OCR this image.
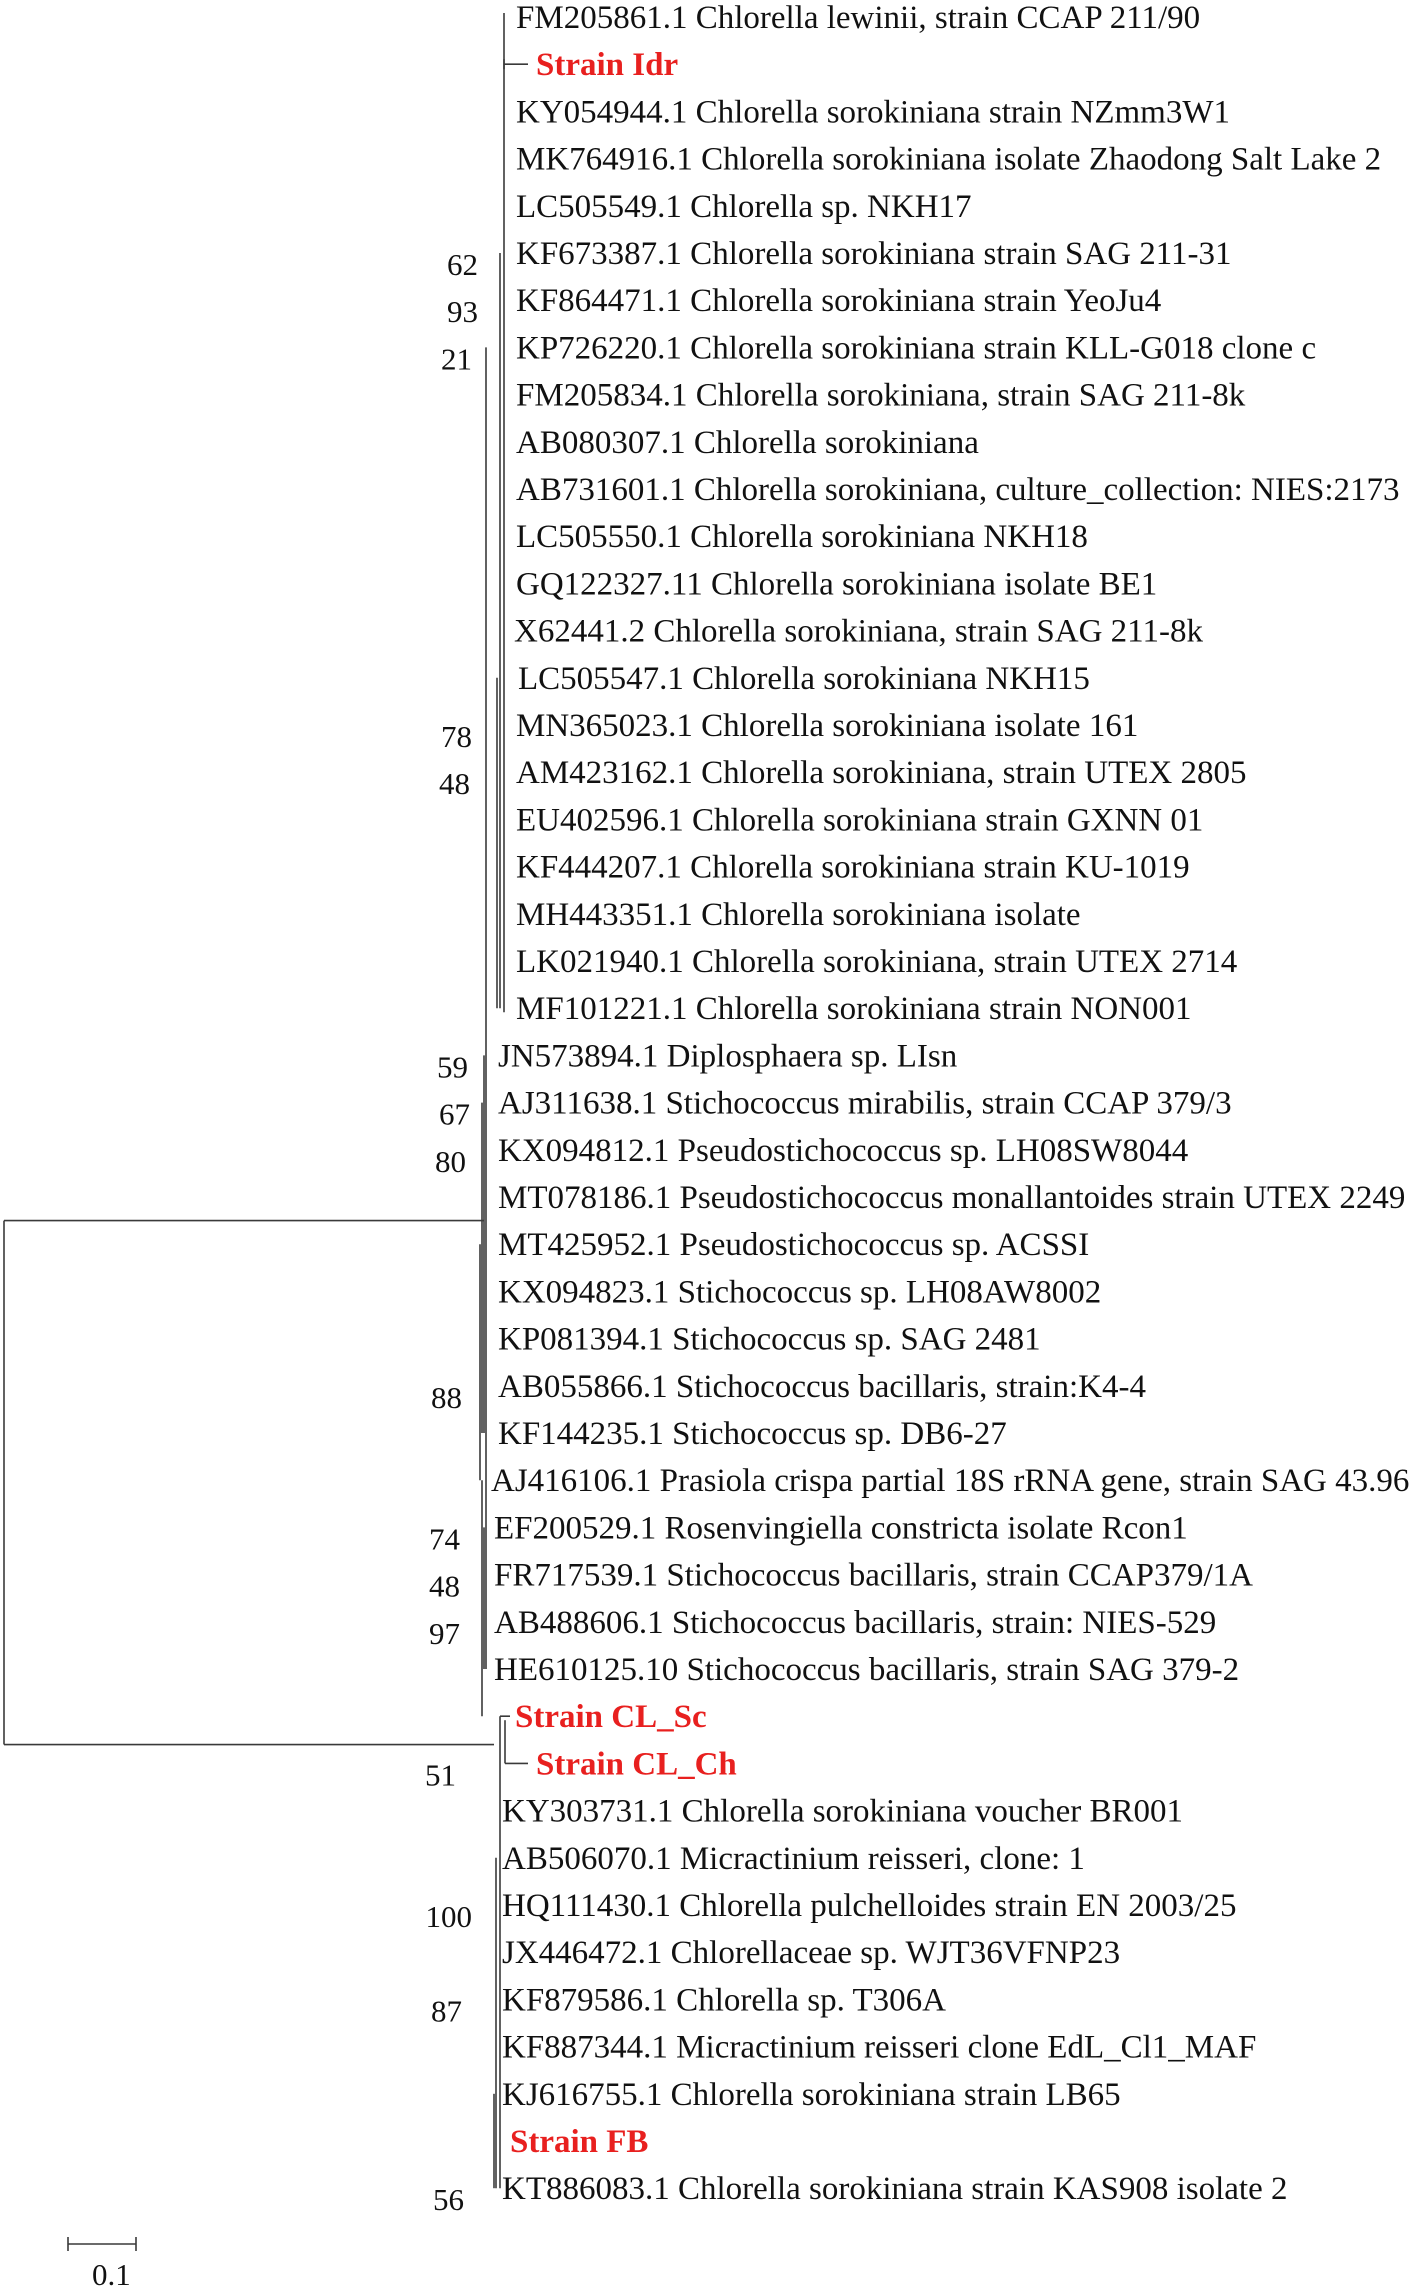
FM205861.1 Chlorella lewinii, strain CCAP 211/90
Strain Idr
KY054944.1 Chlorella sorokiniana strain NZmm3W1
MK764916.1 Chlorella sorokiniana isolate Zhaodong Salt Lake 2
LC505549.1 Chlorella sp. NKH17
KF673387.1 Chlorella sorokiniana strain SAG 211-31
KF864471.1 Chlorella sorokiniana strain YeoJu4
KP726220.1 Chlorella sorokiniana strain KLL-G018 clone c
FM205834.1 Chlorella sorokiniana, strain SAG 211-8k
AB080307.1 Chlorella sorokiniana
AB731601.1 Chlorella sorokiniana, culture_collection: NIES:2173
LC505550.1 Chlorella sorokiniana NKH18
GQ122327.11 Chlorella sorokiniana isolate BE1
X62441.2 Chlorella sorokiniana, strain SAG 211-8k
LC505547.1 Chlorella sorokiniana NKH15
MN365023.1 Chlorella sorokiniana isolate 161
AM423162.1 Chlorella sorokiniana, strain UTEX 2805
EU402596.1 Chlorella sorokiniana strain GXNN 01
KF444207.1 Chlorella sorokiniana strain KU-1019
MH443351.1 Chlorella sorokiniana isolate
LK021940.1 Chlorella sorokiniana, strain UTEX 2714
MF101221.1 Chlorella sorokiniana strain NON001
JN573894.1 Diplosphaera sp. LIsn
AJ311638.1 Stichococcus mirabilis, strain CCAP 379/3
KX094812.1 Pseudostichococcus sp. LH08SW8044
MT078186.1 Pseudostichococcus monallantoides strain UTEX 2249
MT425952.1 Pseudostichococcus sp. ACSSI
KX094823.1 Stichococcus sp. LH08AW8002
KP081394.1 Stichococcus sp. SAG 2481
AB055866.1 Stichococcus bacillaris, strain:K4-4
KF144235.1 Stichococcus sp. DB6-27
AJ416106.1 Prasiola crispa partial 18S rRNA gene, strain SAG 43.96
EF200529.1 Rosenvingiella constricta isolate Rcon1
FR717539.1 Stichococcus bacillaris, strain CCAP379/1A
AB488606.1 Stichococcus bacillaris, strain: NIES-529
HE610125.10 Stichococcus bacillaris, strain SAG 379-2
Strain CL_Sc
Strain CL_Ch
KY303731.1 Chlorella sorokiniana voucher BR001
AB506070.1 Micractinium reisseri, clone: 1
HQ111430.1 Chlorella pulchelloides strain EN 2003/25
JX446472.1 Chlorellaceae sp. WJT36VFNP23
KF879586.1 Chlorella sp. T306A
KF887344.1 Micractinium reisseri clone EdL_Cl1_MAF
KJ616755.1 Chlorella sorokiniana strain LB65
Strain FB
KT886083.1 Chlorella sorokiniana strain KAS908 isolate 2
62
93
21
78
48
59
67
80
88
74
48
97
51
100
87
56
0.1
